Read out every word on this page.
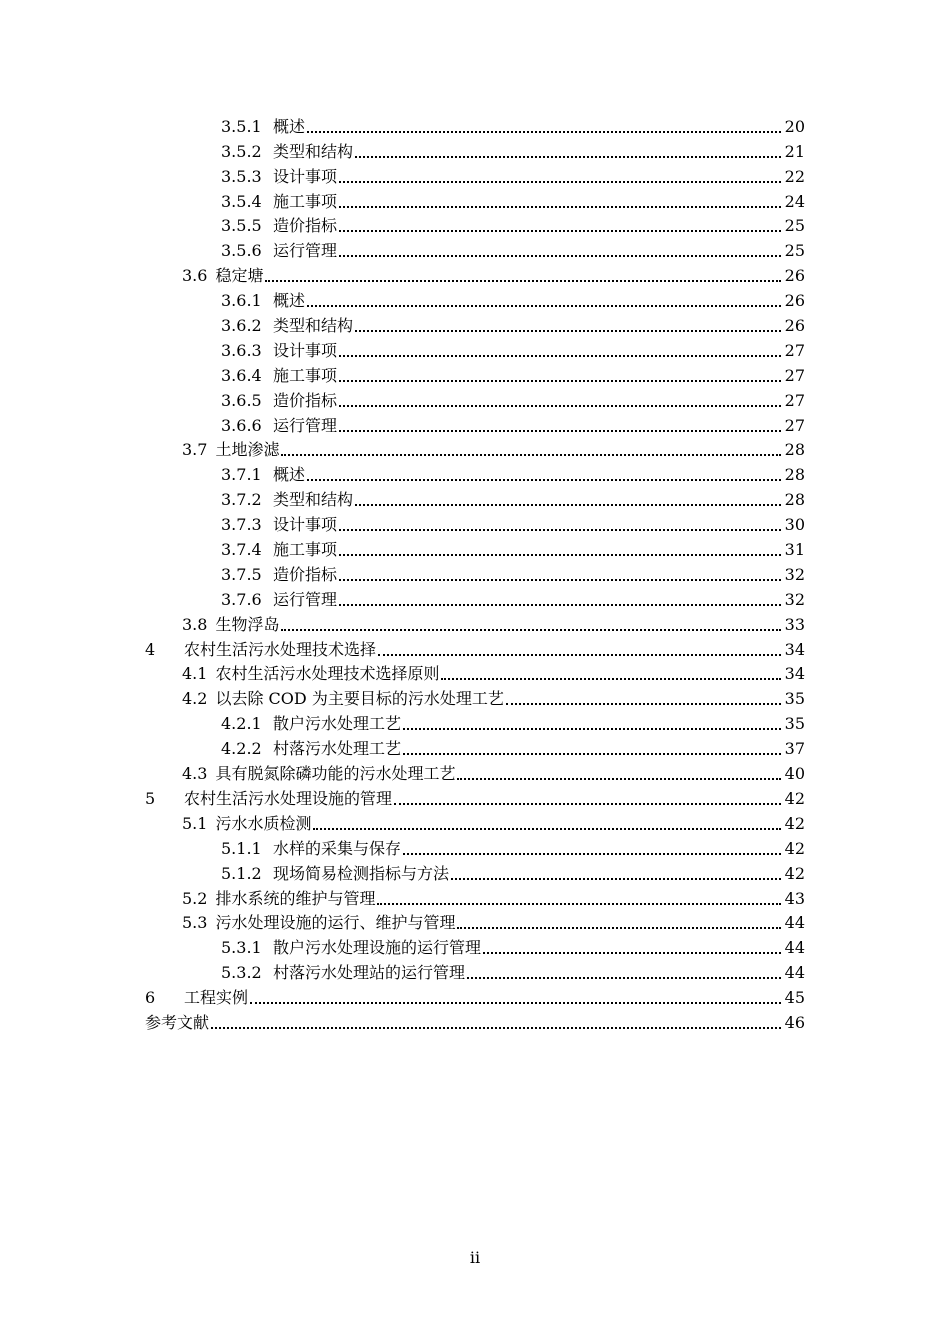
3.5.1 概述	20
3.5.2 类型和结构	21
3.5.3 设计事项	22
3.5.4 施工事项	24
3.5.5 造价指标	25
3.5.6 运行管理	25
3.6 稳定塘	26
3.6.1 概述	26
3.6.2 类型和结构	26
3.6.3 设计事项	27
3.6.4 施工事项	27
3.6.5 造价指标	27
3.6.6 运行管理	27
3.7 土地渗滤	28
3.7.1 概述	28
3.7.2 类型和结构	28
3.7.3 设计事项	30
3.7.4 施工事项	31
3.7.5 造价指标	32
3.7.6 运行管理	32
3.8 生物浮岛	33
4	农村生活污水处理技术选择	34
4.1 农村生活污水处理技术选择原则	34
4.2 以去除 COD 为主要目标的污水处理工艺	35
4.2.1 散户污水处理工艺	35
4.2.2 村落污水处理工艺	37
4.3 具有脱氮除磷功能的污水处理工艺	40
5	农村生活污水处理设施的管理	42
5.1 污水水质检测	42
5.1.1 水样的采集与保存	42
5.1.2 现场简易检测指标与方法	42
5.2 排水系统的维护与管理	43
5.3 污水处理设施的运行、维护与管理	44
5.3.1 散户污水处理设施的运行管理	44
5.3.2 村落污水处理站的运行管理	44
6	工程实例	45
参考文献	46
ii
